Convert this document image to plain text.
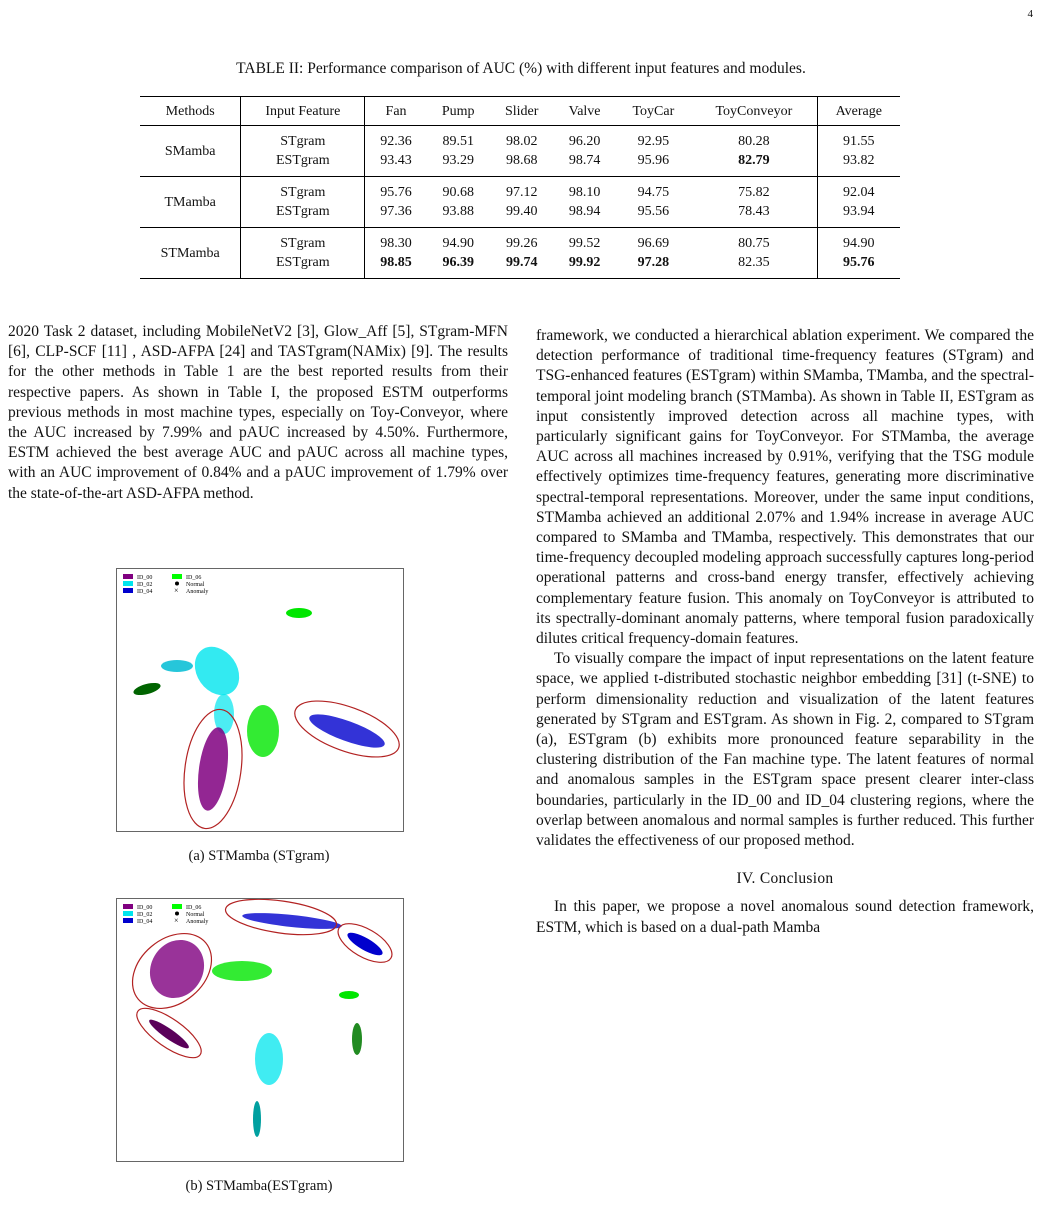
4
TABLE II: Performance comparison of AUC (%) with different input features and modules.
Methods	Input Feature	Fan	Pump	Slider	Valve	ToyCar	ToyConveyor	Average
SMamba	STgram	92.36	89.51	98.02	96.20	92.95	80.28	91.55
	ESTgram	93.43	93.29	98.68	98.74	95.96	82.79	93.82
TMamba	STgram	95.76	90.68	97.12	98.10	94.75	75.82	92.04
	ESTgram	97.36	93.88	99.40	98.94	95.56	78.43	93.94
STMamba	STgram	98.30	94.90	99.26	99.52	96.69	80.75	94.90
	ESTgram	98.85	96.39	99.74	99.92	97.28	82.35	95.76

2020 Task 2 dataset, including MobileNetV2 [3], Glow_Aff [5], STgram-MFN [6], CLP-SCF [11] , ASD-AFPA [24] and TASTgram(NAMix) [9]. The results for the other methods in Table 1 are the best reported results from their respective papers. As shown in Table I, the proposed ESTM outperforms previous methods in most machine types, especially on Toy-Conveyor, where the AUC increased by 7.99% and pAUC increased by 4.50%. Furthermore, ESTM achieved the best average AUC and pAUC across all machine types, with an AUC improvement of 0.84% and a pAUC improvement of 1.79% over the state-of-the-art ASD-AFPA method.

ID_00	ID_06
ID_02	Normal
ID_04	× Anomaly
(a) STMamba (STgram)
ID_00	ID_06
ID_02	Normal
ID_04	× Anomaly
(b) STMamba(ESTgram)

framework, we conducted a hierarchical ablation experiment. We compared the detection performance of traditional time-frequency features (STgram) and TSG-enhanced features (ESTgram) within SMamba, TMamba, and the spectral-temporal joint modeling branch (STMamba). As shown in Table II, ESTgram as input consistently improved detection across all machine types, with particularly significant gains for ToyConveyor. For STMamba, the average AUC across all machines increased by 0.91%, verifying that the TSG module effectively optimizes time-frequency features, generating more discriminative spectral-temporal representations. Moreover, under the same input conditions, STMamba achieved an additional 2.07% and 1.94% increase in average AUC compared to SMamba and TMamba, respectively. This demonstrates that our time-frequency decoupled modeling approach successfully captures long-period operational patterns and cross-band energy transfer, effectively achieving complementary feature fusion. This anomaly on ToyConveyor is attributed to its spectrally-dominant anomaly patterns, where temporal fusion paradoxically dilutes critical frequency-domain features.

To visually compare the impact of input representations on the latent feature space, we applied t-distributed stochastic neighbor embedding [31] (t-SNE) to perform dimensionality reduction and visualization of the latent features generated by STgram and ESTgram. As shown in Fig. 2, compared to STgram (a), ESTgram (b) exhibits more pronounced feature separability in the clustering distribution of the Fan machine type. The latent features of normal and anomalous samples in the ESTgram space present clearer inter-class boundaries, particularly in the ID_00 and ID_04 clustering regions, where the overlap between anomalous and normal samples is further reduced. This further validates the effectiveness of our proposed method.

IV. Conclusion

In this paper, we propose a novel anomalous sound detection framework, ESTM, which is based on a dual-path Mamba
